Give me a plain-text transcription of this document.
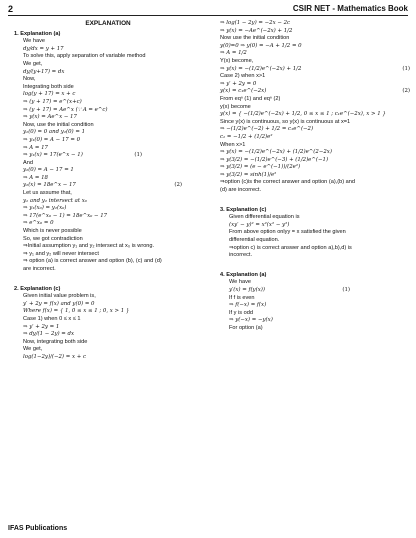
2	CSIR NET - Mathematics Book
EXPLANATION
1. Explanation (a)
We have
dy/dx = y + 17
To solve this, apply separation of variable method
We get,
dy/(y+17) = dx
Now,
Integrating both side
log(y + 17) = x + c
⇒ (y + 17) = e^(x+c)
⇒ (y + 17) = Ae^x (∵ A = e^c)
⇒ y(x) = Ae^x − 17
Now, use the initial condition
y₁(0) = 0 and y₂(0) = 1
⇒ y₁(0) = A − 17 = 0
⇒ A = 17
⇒ y₁(x) = 17(e^x − 1)	(1)
And
y₂(0) = A − 17 = 1
⇒ A = 18
y₂(x) = 18e^x − 17	(2)
Let us assume that,
y₁ and y₂ intersect at x₀
⇒ y₁(x₀) = y₂(x₀)
⇒ 17(e^x₀ − 1) = 18e^x₀ − 17
⇒ e^x₀ = 0
Which is never possible
So, we got contradiction
⇒Initial assumption y₁ and y₂ intersect at x₀ is wrong.
⇒ y₁ and y₂ will never intersect
⇒ option (a) is correct answer and option (b), (c) and (d)
are incorrect.
2. Explanation (c)
Given initial value problem is,
y′ + 2y = f(x) and y(0) = 0
Where f(x) = { 1, 0 ≤ x ≤ 1 ; 0, x > 1 }
Case 1) when 0 ≤ x ≤ 1
⇒ y′ + 2y = 1
⇒ dy/(1 − 2y) = dx
Now, integrating both side
We get,
log(1−2y)/(−2) = x + c
⇒ log(1 − 2y) = −2x − 2c
⇒ y(x) = −Ae^(−2x) + 1/2
Now use the initial condition
y(0)=0 ⇒ y(0) = −A + 1/2 = 0
⇒ A = 1/2
Y(x) become,
⇒ y(x) = −(1/2)e^(−2x) + 1/2	(1)
Case 2) when x>1
⇒ y′ + 2y = 0
y(x) = c₁e^(−2x)	(2)
From eqⁿ (1) and eqⁿ (2)
y(x) become
y(x) = { −(1/2)e^(−2x) + 1/2, 0 ≤ x ≤ 1 ; c₁e^(−2x), x > 1 }
Since y(x) is continuous, so y(x) is continuous at x=1
⇒ −(1/2)e^(−2) + 1/2 = c₁e^(−2)
c₁ = −1/2 + (1/2)e²
When x>1
⇒ y(x) = −(1/2)e^(−2x) + (1/2)e^(2−2x)
⇒ y(3/2) = −(1/2)e^(−3) + (1/2)e^(−1)
⇒ y(3/2) = (e − e^(−1))/(2e²)
⇒ y(3/2) = sinh(1)/e²
⇒option (c)is the correct answer and option (a),(b) and
(d) are incorrect.
3. Explanation (c)
Given differential equation is
(xy′ − y)² = x²(x² − y²)
From above option onlyy = x satisfied the given
differential equation.
⇒option c) is correct answer and option a),b),d) is
incorrect.
4. Explanation (a)
We have
y′(x) = f(y(x))	(1)
If f is even
⇒ f(−x) = f(x)
If y is odd
⇒ y(−x) = −y(x)
For option (a)
IFAS Publications
